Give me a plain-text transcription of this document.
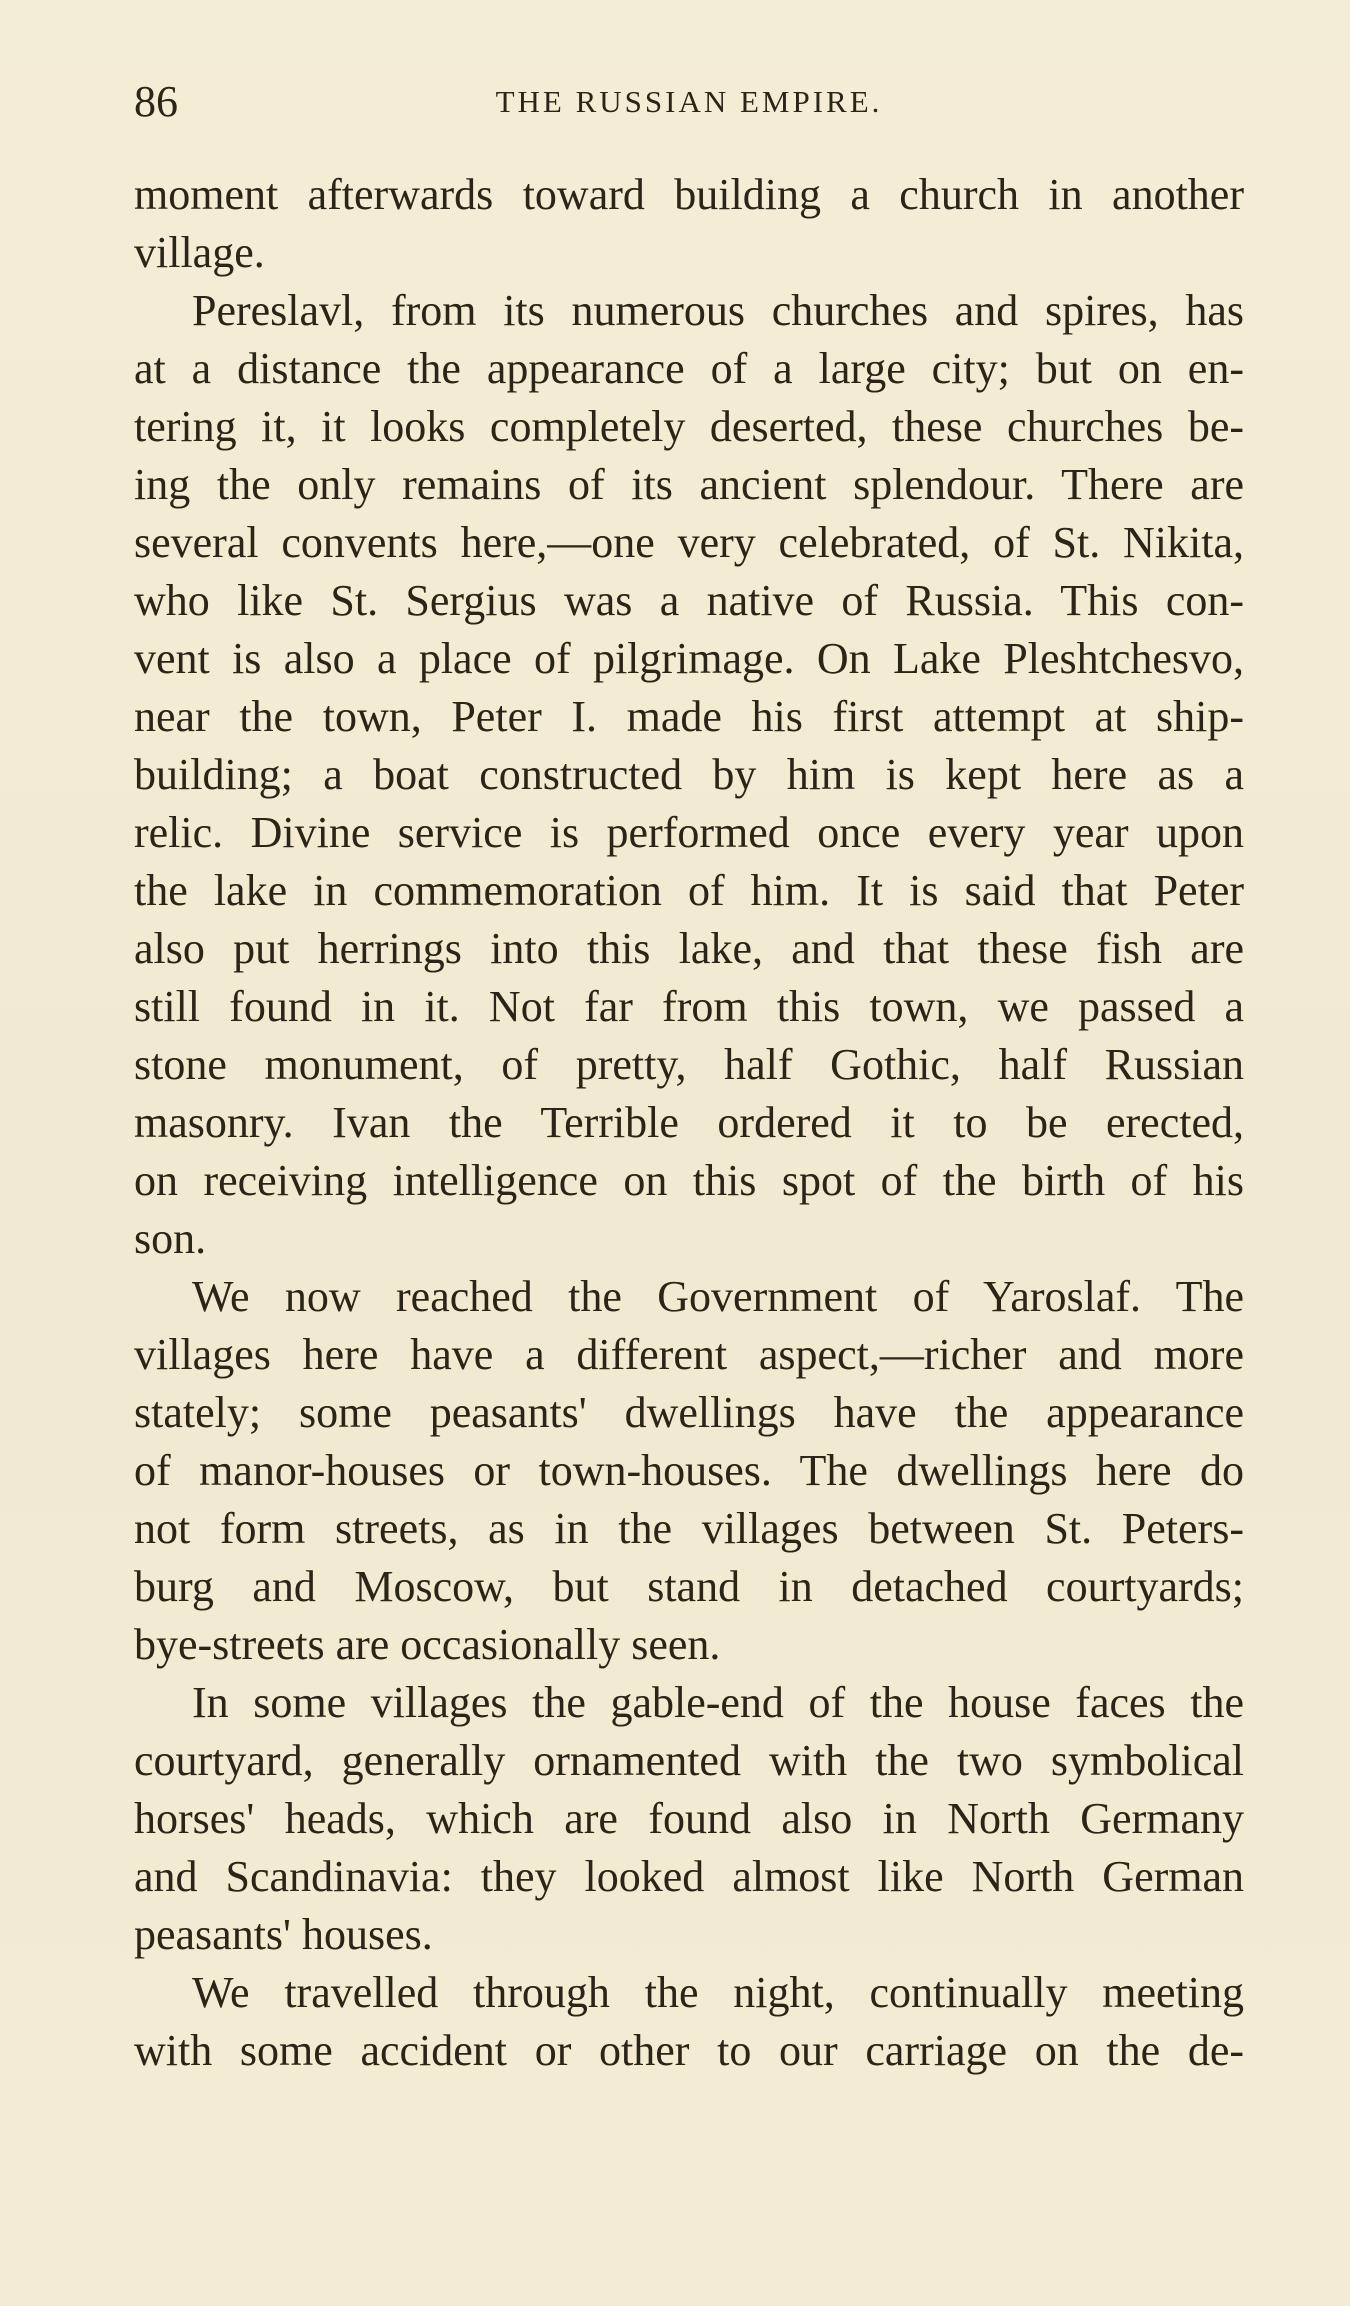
86	THE RUSSIAN EMPIRE.
moment afterwards toward building a church in another
village.
Pereslavl, from its numerous churches and spires, has
at a distance the appearance of a large city; but on en-
tering it, it looks completely deserted, these churches be-
ing the only remains of its ancient splendour. There are
several convents here,—one very celebrated, of St. Nikita,
who like St. Sergius was a native of Russia. This con-
vent is also a place of pilgrimage. On Lake Pleshtchesvo,
near the town, Peter I. made his first attempt at ship-
building; a boat constructed by him is kept here as a
relic. Divine service is performed once every year upon
the lake in commemoration of him. It is said that Peter
also put herrings into this lake, and that these fish are
still found in it. Not far from this town, we passed a
stone monument, of pretty, half Gothic, half Russian
masonry. Ivan the Terrible ordered it to be erected,
on receiving intelligence on this spot of the birth of his
son.
We now reached the Government of Yaroslaf. The
villages here have a different aspect,—richer and more
stately; some peasants' dwellings have the appearance
of manor-houses or town-houses. The dwellings here do
not form streets, as in the villages between St. Peters-
burg and Moscow, but stand in detached courtyards;
bye-streets are occasionally seen.
In some villages the gable-end of the house faces the
courtyard, generally ornamented with the two symbolical
horses' heads, which are found also in North Germany
and Scandinavia: they looked almost like North German
peasants' houses.
We travelled through the night, continually meeting
with some accident or other to our carriage on the de-
